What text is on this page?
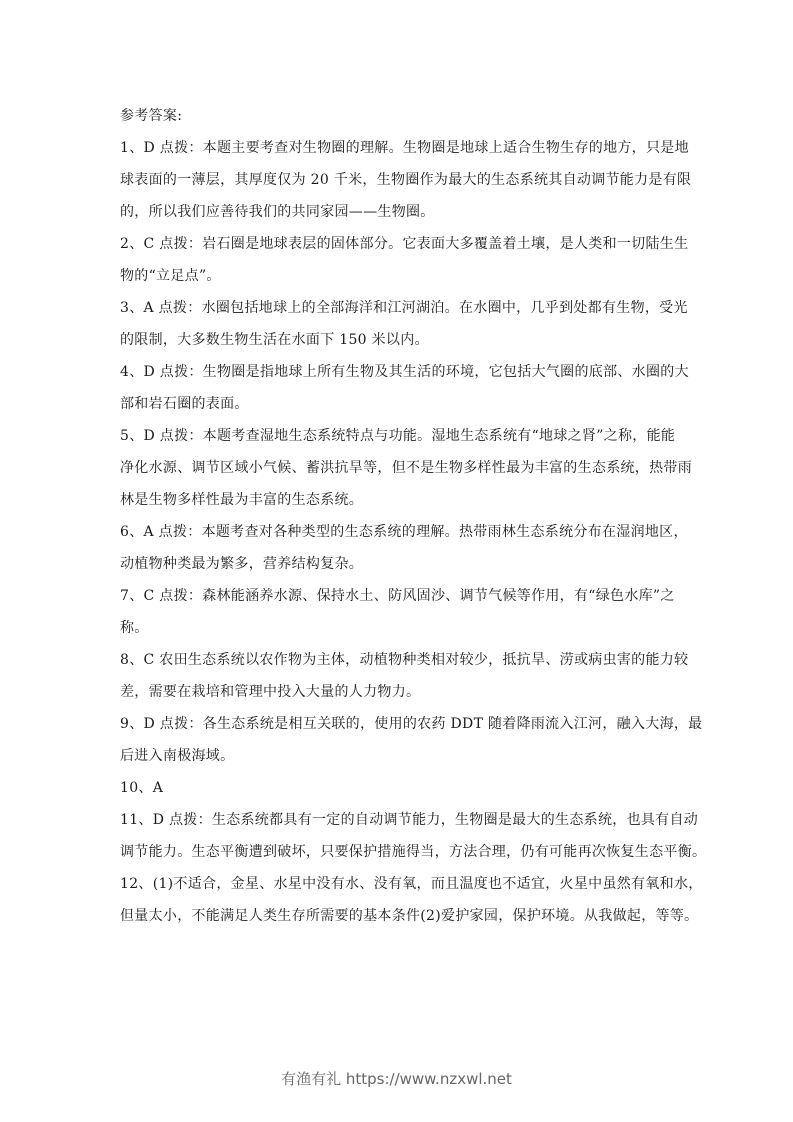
参考答案:
1、D 点拨：本题主要考查对生物圈的理解。生物圈是地球上适合生物生存的地方，只是地
球表面的一薄层，其厚度仅为 20 千米，生物圈作为最大的生态系统其自动调节能力是有限
的，所以我们应善待我们的共同家园——生物圈。
2、C 点拨：岩石圈是地球表层的固体部分。它表面大多覆盖着土壤，是人类和一切陆生生
物的“立足点”。
3、A 点拨：水圈包括地球上的全部海洋和江河湖泊。在水圈中，几乎到处都有生物，受光
的限制，大多数生物生活在水面下 150 米以内。
4、D 点拨：生物圈是指地球上所有生物及其生活的环境，它包括大气圈的底部、水圈的大
部和岩石圈的表面。
5、D 点拨：本题考查湿地生态系统特点与功能。湿地生态系统有“地球之肾”之称，能能
净化水源、调节区域小气候、蓄洪抗旱等，但不是生物多样性最为丰富的生态系统，热带雨
林是生物多样性最为丰富的生态系统。
6、A 点拨：本题考查对各种类型的生态系统的理解。热带雨林生态系统分布在湿润地区，
动植物种类最为繁多，营养结构复杂。
7、C 点拨：森林能涵养水源、保持水土、防风固沙、调节气候等作用，有“绿色水库”之
称。
8、C 农田生态系统以农作物为主体，动植物种类相对较少，抵抗旱、涝或病虫害的能力较
差，需要在栽培和管理中投入大量的人力物力。
9、D 点拨：各生态系统是相互关联的，使用的农药 DDT 随着降雨流入江河，融入大海，最
后进入南极海域。
10、A
11、D 点拨：生态系统都具有一定的自动调节能力，生物圈是最大的生态系统，也具有自动
调节能力。生态平衡遭到破坏，只要保护措施得当，方法合理，仍有可能再次恢复生态平衡。
12、(1)不适合，金星、水星中没有水、没有氧，而且温度也不适宜，火星中虽然有氧和水，
但量太小，不能满足人类生存所需要的基本条件(2)爱护家园，保护环境。从我做起，等等。
有渔有礼 https://www.nzxwl.net
